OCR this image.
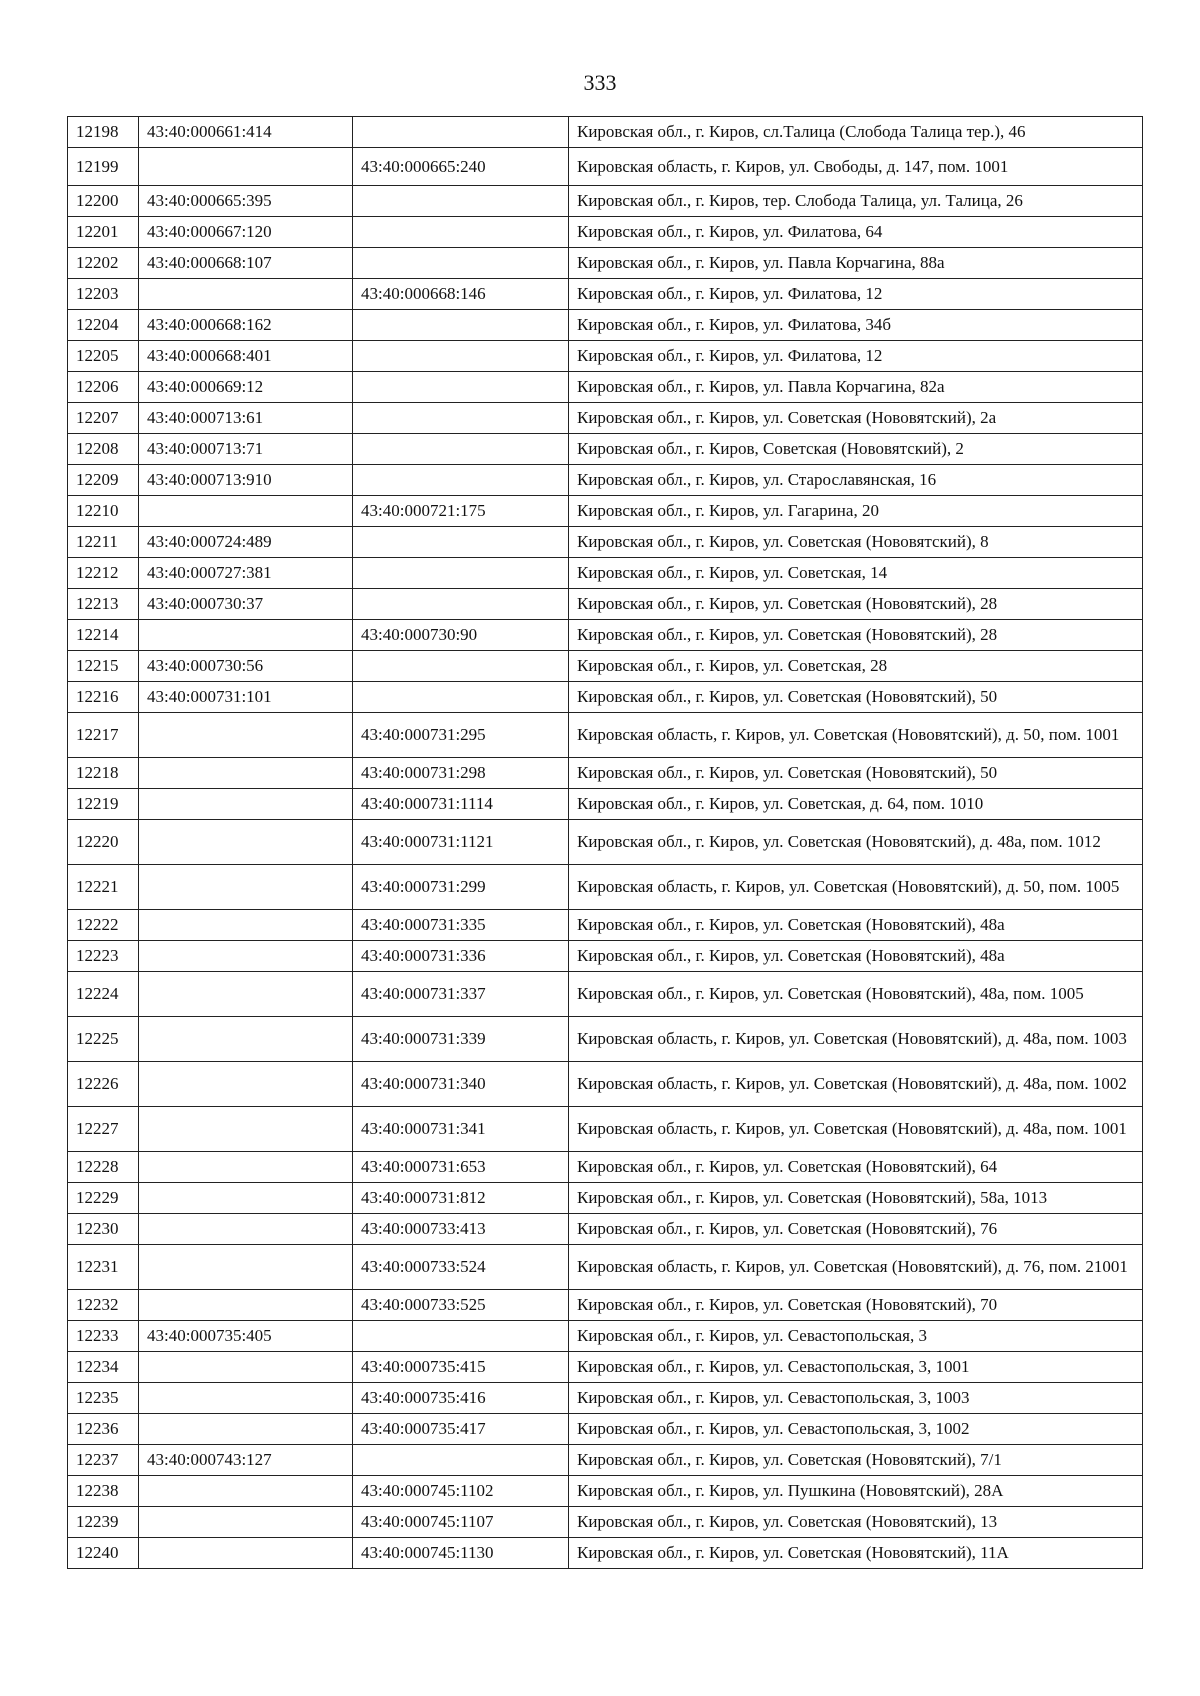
333
12198	43:40:000661:414		Кировская обл., г. Киров, сл.Талица (Слобода Талица тер.), 46
12199		43:40:000665:240	Кировская область, г. Киров, ул. Свободы, д. 147, пом. 1001
12200	43:40:000665:395		Кировская обл., г. Киров, тер. Слобода Талица, ул. Талица, 26
12201	43:40:000667:120		Кировская обл., г. Киров, ул. Филатова, 64
12202	43:40:000668:107		Кировская обл., г. Киров, ул. Павла Корчагина, 88а
12203		43:40:000668:146	Кировская обл., г. Киров, ул. Филатова, 12
12204	43:40:000668:162		Кировская обл., г. Киров, ул. Филатова, 34б
12205	43:40:000668:401		Кировская обл., г. Киров, ул. Филатова, 12
12206	43:40:000669:12		Кировская обл., г. Киров, ул. Павла Корчагина, 82а
12207	43:40:000713:61		Кировская обл., г. Киров, ул. Советская (Нововятский), 2а
12208	43:40:000713:71		Кировская обл., г. Киров, Советская (Нововятский), 2
12209	43:40:000713:910		Кировская обл., г. Киров, ул. Старославянская, 16
12210		43:40:000721:175	Кировская обл., г. Киров, ул. Гагарина, 20
12211	43:40:000724:489		Кировская обл., г. Киров, ул. Советская (Нововятский), 8
12212	43:40:000727:381		Кировская обл., г. Киров, ул. Советская, 14
12213	43:40:000730:37		Кировская обл., г. Киров, ул. Советская (Нововятский), 28
12214		43:40:000730:90	Кировская обл., г. Киров, ул. Советская (Нововятский), 28
12215	43:40:000730:56		Кировская обл., г. Киров, ул. Советская, 28
12216	43:40:000731:101		Кировская обл., г. Киров, ул. Советская (Нововятский), 50
12217		43:40:000731:295	Кировская область, г. Киров, ул. Советская (Нововятский), д. 50, пом. 1001
12218		43:40:000731:298	Кировская обл., г. Киров, ул. Советская (Нововятский), 50
12219		43:40:000731:1114	Кировская обл., г. Киров, ул. Советская, д. 64, пом. 1010
12220		43:40:000731:1121	Кировская обл., г. Киров, ул. Советская (Нововятский), д. 48а, пом. 1012
12221		43:40:000731:299	Кировская область, г. Киров, ул. Советская (Нововятский), д. 50, пом. 1005
12222		43:40:000731:335	Кировская обл., г. Киров, ул. Советская (Нововятский), 48а
12223		43:40:000731:336	Кировская обл., г. Киров, ул. Советская (Нововятский), 48а
12224		43:40:000731:337	Кировская обл., г. Киров, ул. Советская (Нововятский), 48а, пом. 1005
12225		43:40:000731:339	Кировская область, г. Киров, ул. Советская (Нововятский), д. 48а, пом. 1003
12226		43:40:000731:340	Кировская область, г. Киров, ул. Советская (Нововятский), д. 48а, пом. 1002
12227		43:40:000731:341	Кировская область, г. Киров, ул. Советская (Нововятский), д. 48а, пом. 1001
12228		43:40:000731:653	Кировская обл., г. Киров, ул. Советская (Нововятский), 64
12229		43:40:000731:812	Кировская обл., г. Киров, ул. Советская (Нововятский), 58а, 1013
12230		43:40:000733:413	Кировская обл., г. Киров, ул. Советская (Нововятский), 76
12231		43:40:000733:524	Кировская область, г. Киров, ул. Советская (Нововятский), д. 76, пом. 21001
12232		43:40:000733:525	Кировская обл., г. Киров, ул. Советская (Нововятский), 70
12233	43:40:000735:405		Кировская обл., г. Киров, ул. Севастопольская, 3
12234		43:40:000735:415	Кировская обл., г. Киров, ул. Севастопольская, 3, 1001
12235		43:40:000735:416	Кировская обл., г. Киров, ул. Севастопольская, 3, 1003
12236		43:40:000735:417	Кировская обл., г. Киров, ул. Севастопольская, 3, 1002
12237	43:40:000743:127		Кировская обл., г. Киров, ул. Советская (Нововятский), 7/1
12238		43:40:000745:1102	Кировская обл., г. Киров, ул. Пушкина (Нововятский), 28А
12239		43:40:000745:1107	Кировская обл., г. Киров, ул. Советская (Нововятский), 13
12240		43:40:000745:1130	Кировская обл., г. Киров, ул. Советская (Нововятский), 11А
